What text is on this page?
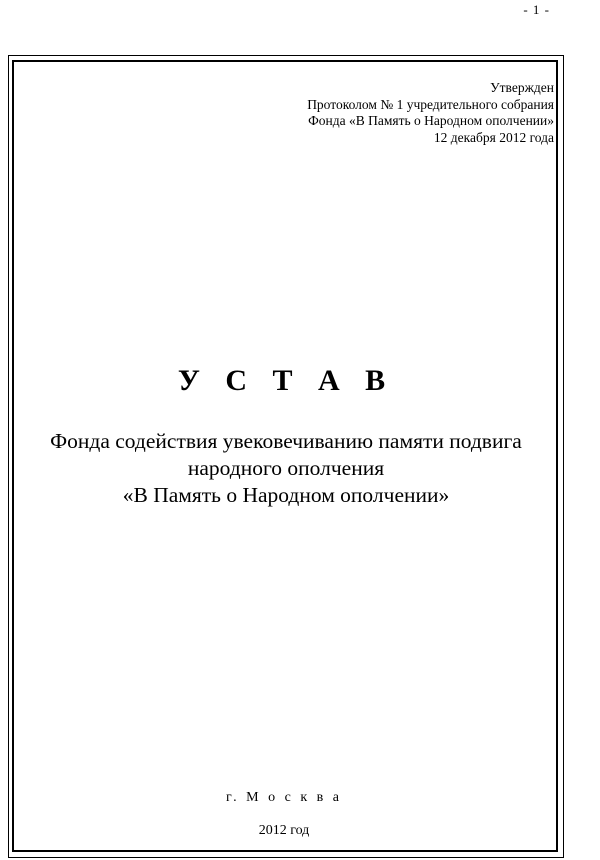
- 1 -
Утвержден
Протоколом № 1 учредительного собрания
Фонда «В Память о Народном ополчении»
12 декабря 2012 года
У С Т А В
Фонда содействия увековечиванию памяти подвига
народного ополчения
«В Память о Народном ополчении»
г. М о с к в а
2012 год
